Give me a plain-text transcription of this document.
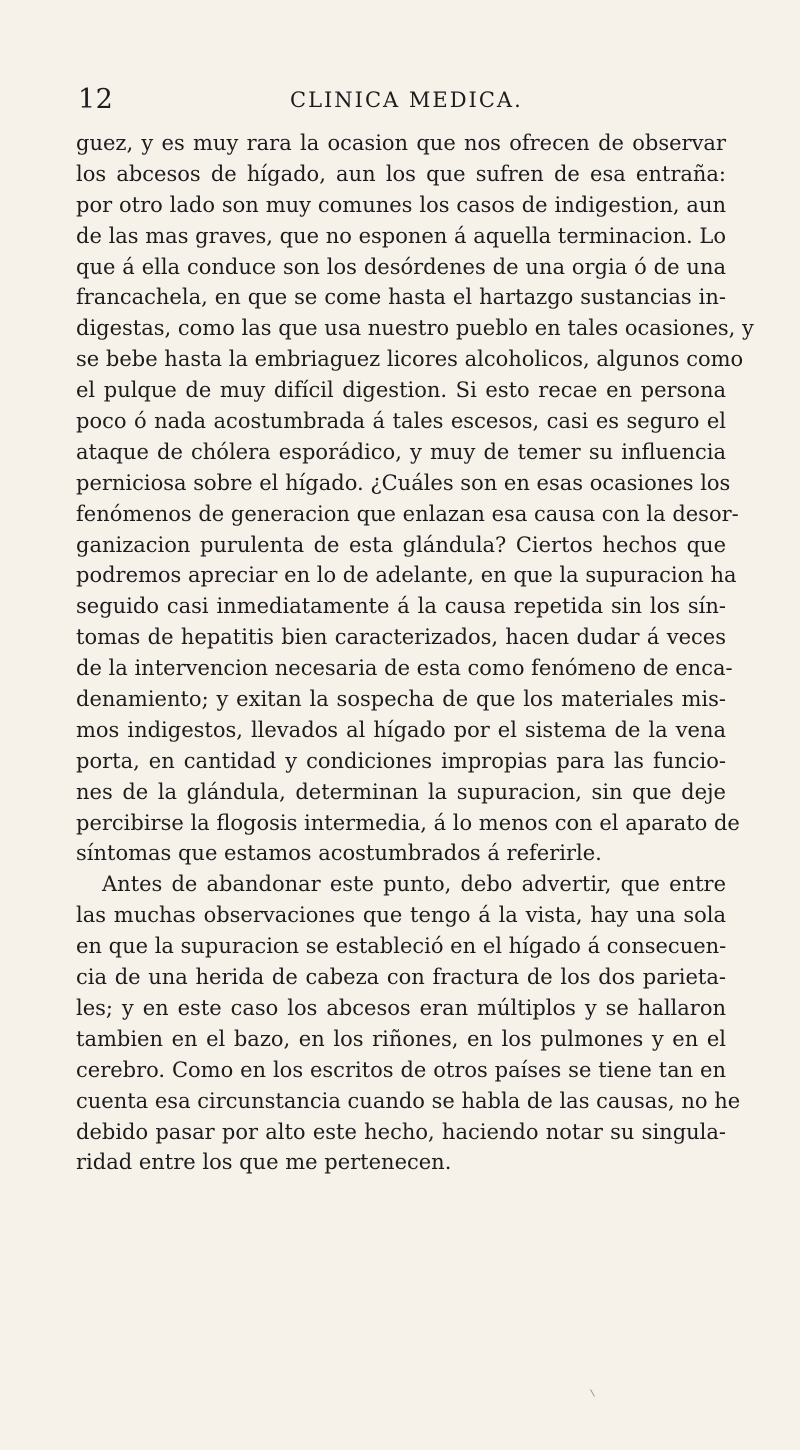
12	CLINICA MEDICA.
guez, y es muy rara la ocasion que nos ofrecen de observar
los abcesos de hígado, aun los que sufren de esa entraña:
por otro lado son muy comunes los casos de indigestion, aun
de las mas graves, que no esponen á aquella terminacion. Lo
que á ella conduce son los desórdenes de una orgia ó de una
francachela, en que se come hasta el hartazgo sustancias in-
digestas, como las que usa nuestro pueblo en tales ocasiones, y
se bebe hasta la embriaguez licores alcoholicos, algunos como
el pulque de muy difícil digestion. Si esto recae en persona
poco ó nada acostumbrada á tales escesos, casi es seguro el
ataque de chólera esporádico, y muy de temer su influencia
perniciosa sobre el hígado. ¿Cuáles son en esas ocasiones los
fenómenos de generacion que enlazan esa causa con la desor-
ganizacion purulenta de esta glándula? Ciertos hechos que
podremos apreciar en lo de adelante, en que la supuracion ha
seguido casi inmediatamente á la causa repetida sin los sín-
tomas de hepatitis bien caracterizados, hacen dudar á veces
de la intervencion necesaria de esta como fenómeno de enca-
denamiento; y exitan la sospecha de que los materiales mis-
mos indigestos, llevados al hígado por el sistema de la vena
porta, en cantidad y condiciones impropias para las funcio-
nes de la glándula, determinan la supuracion, sin que deje
percibirse la flogosis intermedia, á lo menos con el aparato de
síntomas que estamos acostumbrados á referirle.
Antes de abandonar este punto, debo advertir, que entre
las muchas observaciones que tengo á la vista, hay una sola
en que la supuracion se estableció en el hígado á consecuen-
cia de una herida de cabeza con fractura de los dos parieta-
les; y en este caso los abcesos eran múltiplos y se hallaron
tambien en el bazo, en los riñones, en los pulmones y en el
cerebro. Como en los escritos de otros países se tiene tan en
cuenta esa circunstancia cuando se habla de las causas, no he
debido pasar por alto este hecho, haciendo notar su singula-
ridad entre los que me pertenecen.
